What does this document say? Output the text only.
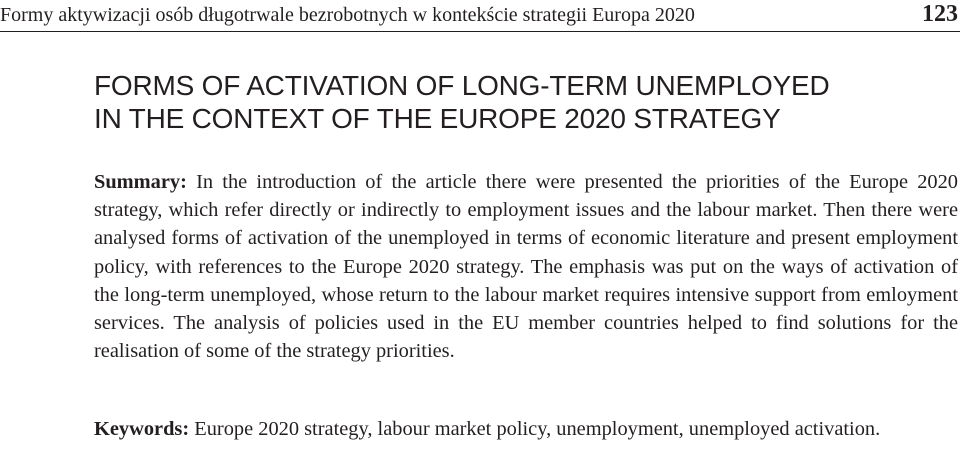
Formy aktywizacji osób długotrwale bezrobotnych w kontekście strategii Europa 2020	123
FORMS OF ACTIVATION OF LONG-TERM UNEMPLOYED
IN THE CONTEXT OF THE EUROPE 2020 STRATEGY

Summary: In the introduction of the article there were presented the priorities of the Europe 2020 strategy, which refer directly or indirectly to employment issues and the labour market. Then there were analysed forms of activation of the unemployed in terms of economic literature and present employment policy, with references to the Europe 2020 strategy. The emphasis was put on the ways of activation of the long-term unemployed, whose return to the labour market requires intensive support from emloyment services. The analysis of policies used in the EU member countries helped to find solutions for the realisation of some of the strategy priorities.

Keywords: Europe 2020 strategy, labour market policy, unemployment, unemployed activation.
